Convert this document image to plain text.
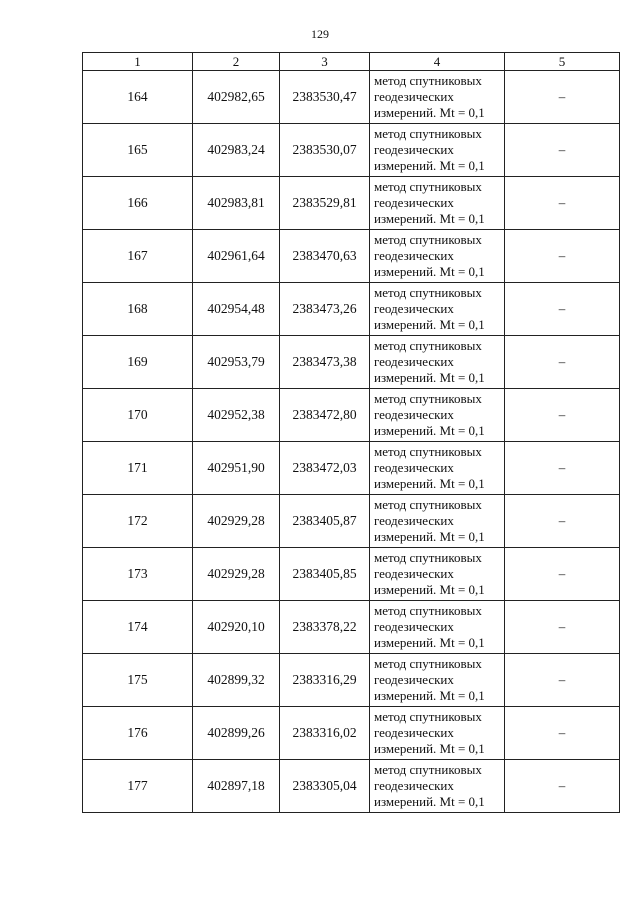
129
1	2	3	4	5
164	402982,65	2383530,47	метод спутниковых
геодезических
измерений. Mt = 0,1	–
165	402983,24	2383530,07	метод спутниковых
геодезических
измерений. Mt = 0,1	–
166	402983,81	2383529,81	метод спутниковых
геодезических
измерений. Mt = 0,1	–
167	402961,64	2383470,63	метод спутниковых
геодезических
измерений. Mt = 0,1	–
168	402954,48	2383473,26	метод спутниковых
геодезических
измерений. Mt = 0,1	–
169	402953,79	2383473,38	метод спутниковых
геодезических
измерений. Mt = 0,1	–
170	402952,38	2383472,80	метод спутниковых
геодезических
измерений. Mt = 0,1	–
171	402951,90	2383472,03	метод спутниковых
геодезических
измерений. Mt = 0,1	–
172	402929,28	2383405,87	метод спутниковых
геодезических
измерений. Mt = 0,1	–
173	402929,28	2383405,85	метод спутниковых
геодезических
измерений. Mt = 0,1	–
174	402920,10	2383378,22	метод спутниковых
геодезических
измерений. Mt = 0,1	–
175	402899,32	2383316,29	метод спутниковых
геодезических
измерений. Mt = 0,1	–
176	402899,26	2383316,02	метод спутниковых
геодезических
измерений. Mt = 0,1	–
177	402897,18	2383305,04	метод спутниковых
геодезических
измерений. Mt = 0,1	–
